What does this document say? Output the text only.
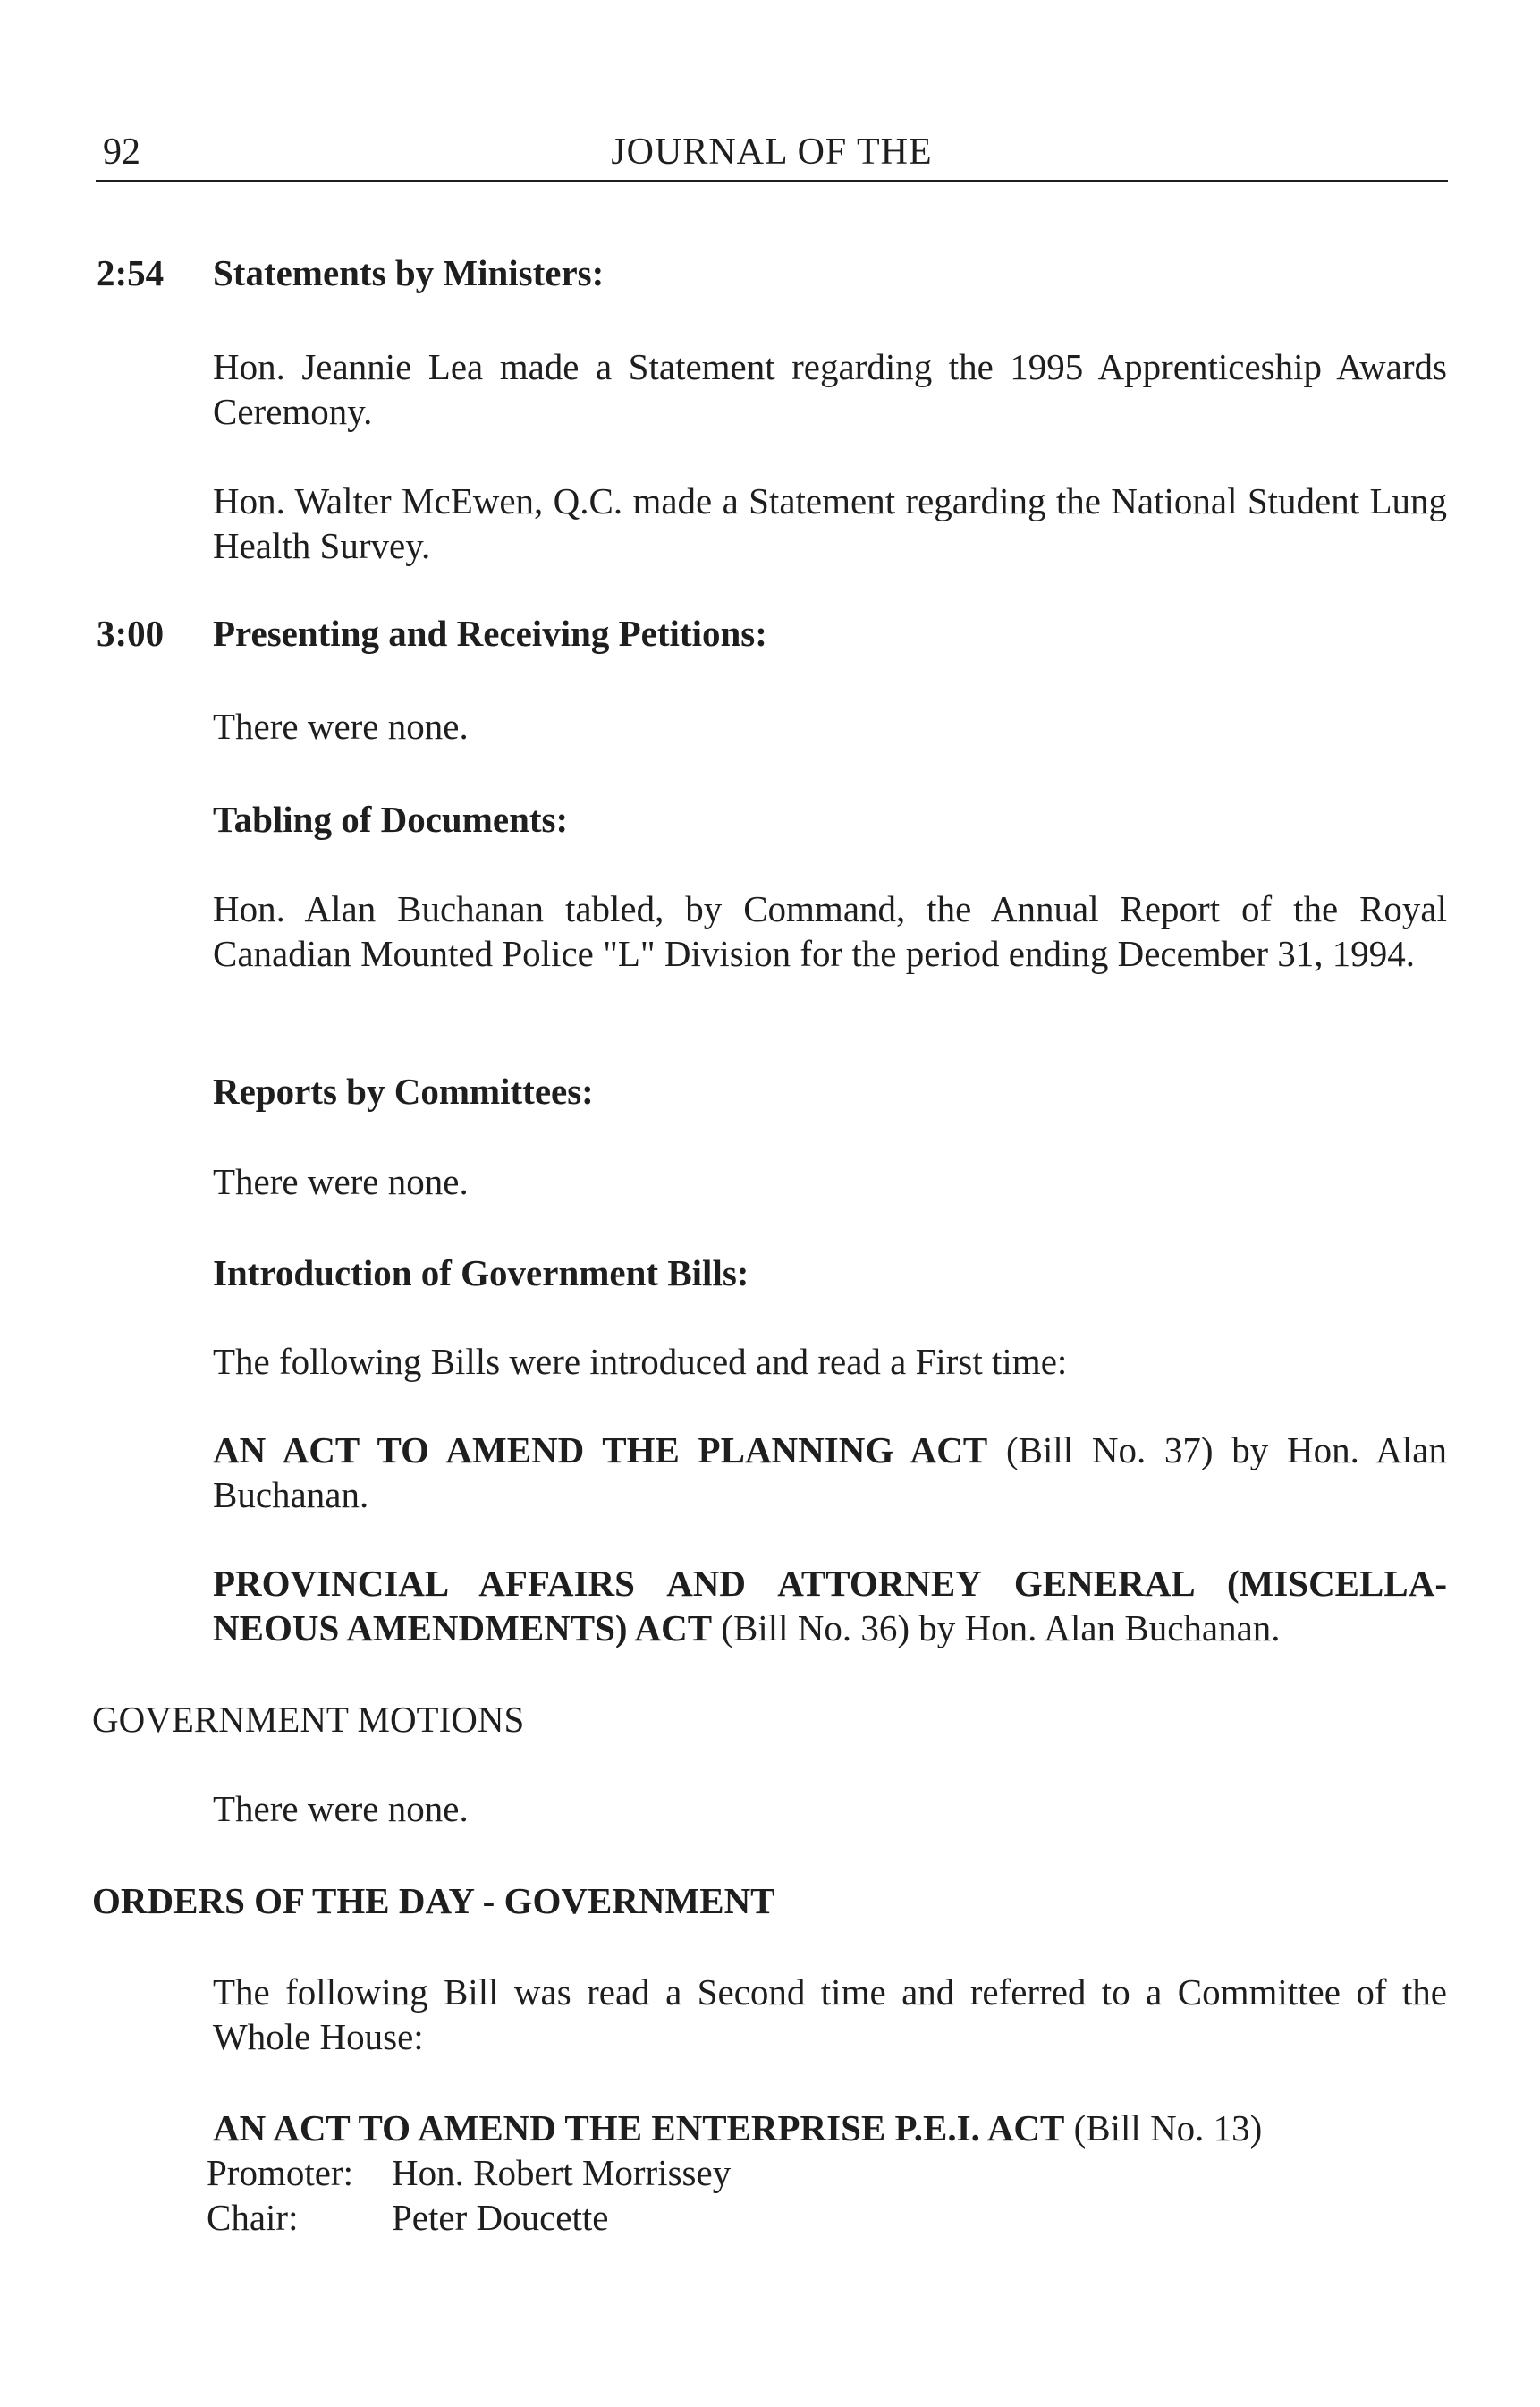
92	JOURNAL OF THE
2:54 Statements by Ministers:
Hon. Jeannie Lea made a Statement regarding the 1995 Apprenticeship Awards Ceremony.
Hon. Walter McEwen, Q.C. made a Statement regarding the National Student Lung Health Survey.
3:00 Presenting and Receiving Petitions:
There were none.
Tabling of Documents:
Hon. Alan Buchanan tabled, by Command, the Annual Report of the Royal Canadian Mounted Police "L" Division for the period ending December 31, 1994.
Reports by Committees:
There were none.
Introduction of Government Bills:
The following Bills were introduced and read a First time:
AN ACT TO AMEND THE PLANNING ACT (Bill No. 37) by Hon. Alan Buchanan.
PROVINCIAL AFFAIRS AND ATTORNEY GENERAL (MISCELLA-NEOUS AMENDMENTS) ACT (Bill No. 36) by Hon. Alan Buchanan.
GOVERNMENT MOTIONS
There were none.
ORDERS OF THE DAY - GOVERNMENT
The following Bill was read a Second time and referred to a Committee of the Whole House:
AN ACT TO AMEND THE ENTERPRISE P.E.I. ACT (Bill No. 13)
Promoter: Hon. Robert Morrissey
Chair:	Peter Doucette
